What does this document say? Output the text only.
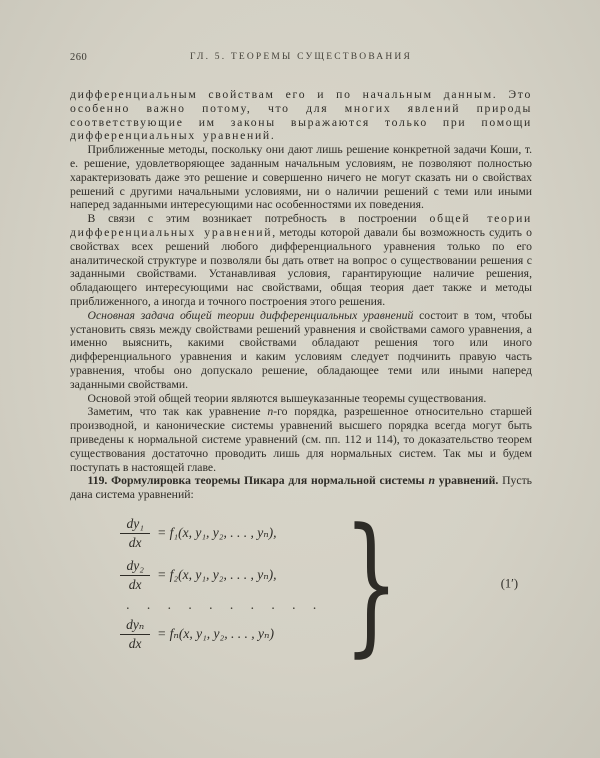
260	ГЛ. 5. ТЕОРЕМЫ СУЩЕСТВОВАНИЯ

дифференциальным свойствам его и по начальным данным. Это особенно важно потому, что для многих явлений природы соответствующие им законы выражаются только при помощи дифференциальных уравнений.

Приближенные методы, поскольку они дают лишь решение конкретной задачи Коши, т. е. решение, удовлетворяющее заданным начальным условиям, не позволяют полностью характеризовать даже это решение и совершенно ничего не могут сказать ни о свойствах решений с другими начальными условиями, ни о наличии решений с теми или иными наперед заданными интересующими нас особенностями их поведения.

В связи с этим возникает потребность в построении общей теории дифференциальных уравнений, методы которой давали бы возможность судить о свойствах всех решений любого дифференциального уравнения только по его аналитической структуре и позволяли бы дать ответ на вопрос о существовании решения с заданными свойствами. Устанавливая условия, гарантирующие наличие решения, обладающего интересующими нас свойствами, общая теория дает также и методы приближенного, а иногда и точного построения этого решения.

Основная задача общей теории дифференциальных уравнений состоит в том, чтобы установить связь между свойствами решений уравнения и свойствами самого уравнения, а именно выяснить, какими свойствами обладают решения того или иного дифференциального уравнения и каким условиям следует подчинить правую часть уравнения, чтобы оно допускало решение, обладающее теми или иными наперед заданными свойствами.

Основой этой общей теории являются вышеуказанные теоремы существования.

Заметим, что так как уравнение n-го порядка, разрешенное относительно старшей производной, и канонические системы уравнений высшего порядка всегда могут быть приведены к нормальной системе уравнений (см. пп. 112 и 114), то доказательство теорем существования достаточно проводить лишь для нормальных систем. Так мы и будем поступать в настоящей главе.

119. Формулировка теоремы Пикара для нормальной системы n уравнений. Пусть дана система уравнений:

$\frac{\text{dy₁}}{dx} = f_1(x$, y₁, y₂, . . . , yₙ),
$\frac{\text{dy₂}}{dx} = f_2(x$, y₁, y₂, . . . , yₙ),
. . . . . . . . . .
$\frac{\text{dyₙ}}{dx} = f_n(x$, y₁, y₂, . . . , yₙ) }	(1′)
